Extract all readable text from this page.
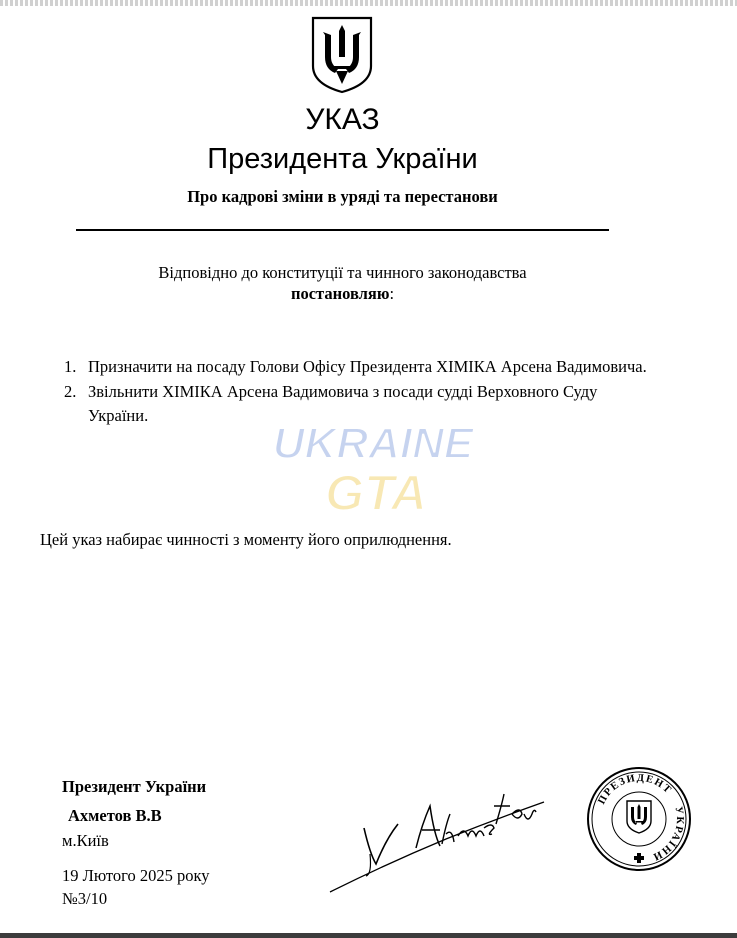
УКАЗ
Президента України
Про кадрові зміни в уряді та перестанови
Відповідно до конституції та чинного законодавства
постановляю:
1. Призначити на посаду Голови Офісу Президента ХІМІКА Арсена Вадимовича.
2. Звільнити ХІМІКА Арсена Вадимовича з посади судді Верховного Суду України.
UKRAINE
GTA
Цей указ набирає чинності з моменту його оприлюднення.
Президент України
Ахметов В.В
м.Київ
19 Лютого 2025 року
№3/10
ПРЕЗИДЕНТ
УКРАЇНИ
